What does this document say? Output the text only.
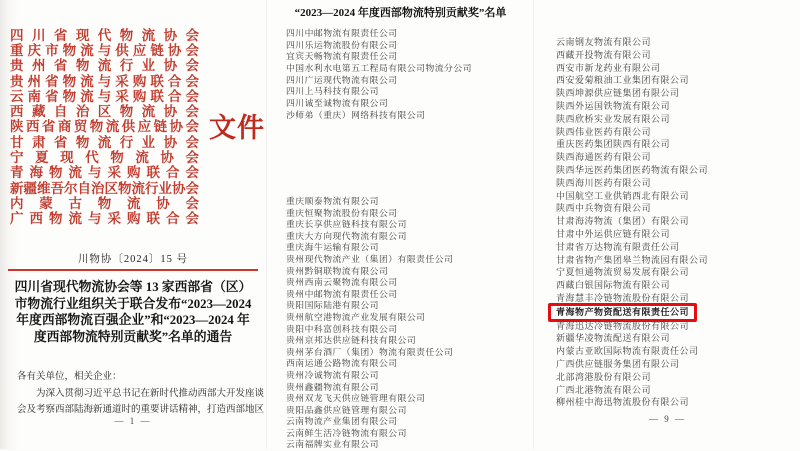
四 川 省 现 代 物 流 协 会
重 庆 市 物 流 与 供 应 链 协 会
贵 州 省 物 流 行 业 协 会
贵 州 省 物 流 与 采 购 联 合 会
云 南 省 物 流 与 采 购 联 合 会
西 藏 自 治 区 物 流 协 会
陕 西 省 商 贸 物 流 供 应 链 协 会
甘 肃 省 物 流 行 业 协 会
宁 夏 现 代 物 流 协 会
青 海 物 流 与 采 购 联 合 会
新 疆 维 吾 尔 自 治 区 物 流 行 业 协 会
内 蒙 古 物 流 协 会
广 西 物 流 与 采 购 联 合 会
文件
川物协〔2024〕15 号
四川省现代物流协会等 13 家西部省（区）
市物流行业组织关于联合发布“2023—2024
年度西部物流百强企业”和“2023—2024 年
度西部物流特别贡献奖”名单的通告
各有关单位，相关企业：
为深入贯彻习近平总书记在新时代推动西部大开发座谈
会及考察西部陆海新通道时的重要讲话精神，打造西部地区
— 1 —
“2023—2024 年度西部物流特别贡献奖”名单
四川中邮物流有限责任公司
四川乐运物流股份有限公司
宜宾天畅物流有限责任公司
中国水利水电第五工程局有限公司物流分公司
四川广运现代物流有限公司
四川上马科技有限公司
四川诚至诚物流有限公司
沙师弟（重庆）网络科技有限公司
重庆顺泰物流有限公司
重庆恒聚物流股份有限公司
重庆长享供应链科技有限公司
重庆大方向现代物流有限公司
重庆海牛运输有限公司
贵州现代物流产业（集团）有限责任公司
贵州黔铜联物流有限公司
贵州西南云聚物流有限公司
贵州中邮物流有限责任公司
贵阳国际陆港有限公司
贵州航空港物流产业发展有限公司
贵阳中科富创科技有限公司
贵州京邦达供应链科技有限公司
贵州茅台酒厂（集团）物流有限责任公司
西南运通公路物流有限公司
贵州冷诚物流有限公司
贵州鑫疆物流有限公司
贵州双龙飞天供应链管理有限公司
贵阳品鑫供应链管理有限公司
云南物流产业集团有限公司
云南鲜生活冷链物流有限公司
云南福牌实业有限公司
云南钢友物流有限公司
西藏开投物流有限公司
西安市新龙药业有限公司
西安爱菊粮油工业集团有限公司
陕西坤源供应链集团有限公司
陕西外运国铁物流有限公司
陕西欣桥实业发展有限公司
陕西伟业医药有限公司
重庆医药集团陕西有限公司
陕西海通医药有限公司
陕西华远医药集团医药物流有限公司
陕西海川医药有限公司
中国航空工业供销西北有限公司
陕西中兵物资有限公司
甘肃海涛物流（集团）有限公司
甘肃中外运供应链有限公司
甘肃省万达物流有限责任公司
甘肃省物产集团皋兰物流园有限公司
宁夏恒通物流贸易发展有限公司
西藏白银国际物流有限公司
青海慧丰冷链物流股份有限公司
青海物产物资配送有限责任公司
青海迅达冷链物流股份有限公司
新疆华凌物流配送有限公司
内蒙古亚欧国际物流有限责任公司
广西供应链服务集团有限公司
北部湾港股份有限公司
广西北港物流有限公司
柳州桂中海迅物流股份有限公司
— 9 —
